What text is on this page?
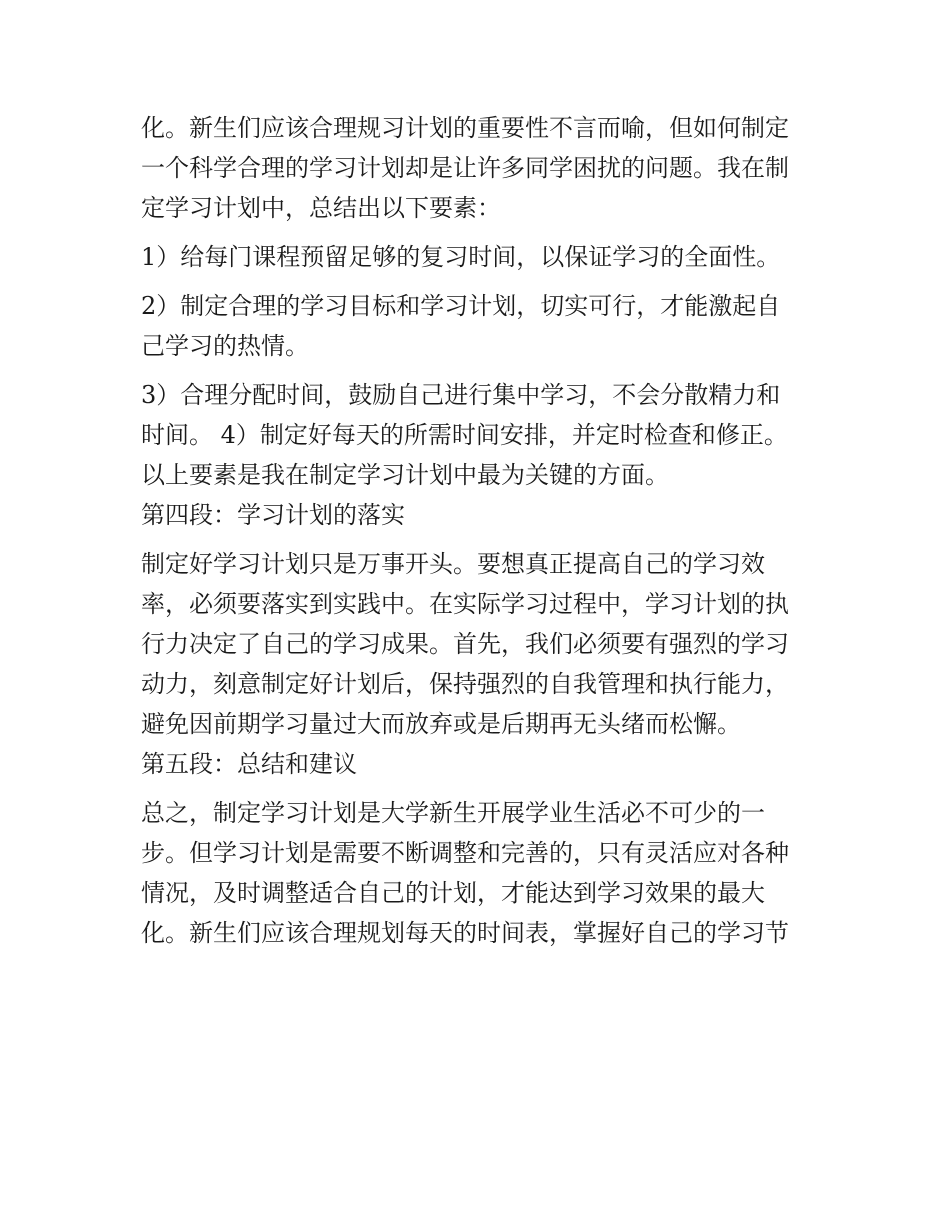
化。新生们应该合理规习计划的重要性不言而喻，但如何制定
一个科学合理的学习计划却是让许多同学困扰的问题。我在制
定学习计划中，总结出以下要素：
1）给每门课程预留足够的复习时间，以保证学习的全面性。
2）制定合理的学习目标和学习计划，切实可行，才能激起自
己学习的热情。
3）合理分配时间，鼓励自己进行集中学习，不会分散精力和
时间。 4）制定好每天的所需时间安排，并定时检查和修正。
以上要素是我在制定学习计划中最为关键的方面。
第四段：学习计划的落实
制定好学习计划只是万事开头。要想真正提高自己的学习效
率，必须要落实到实践中。在实际学习过程中，学习计划的执
行力决定了自己的学习成果。首先，我们必须要有强烈的学习
动力，刻意制定好计划后，保持强烈的自我管理和执行能力，
避免因前期学习量过大而放弃或是后期再无头绪而松懈。
第五段：总结和建议
总之，制定学习计划是大学新生开展学业生活必不可少的一
步。但学习计划是需要不断调整和完善的，只有灵活应对各种
情况，及时调整适合自己的计划，才能达到学习效果的最大
化。新生们应该合理规划每天的时间表，掌握好自己的学习节
